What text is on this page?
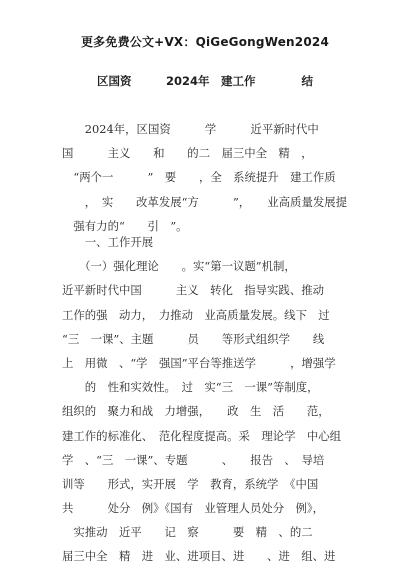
更多免费公文+VX：QiGeGongWen2024
区国资　　　2024年　建工作　　　　结
　　2024年，区国资　　　学　　　近平新时代中
国　　　主义　　和　　的二　届三中全　精　，
　“两个一　　　”　要　　，全　系统提升　建工作质
　　，　实　　改革发展“方　　　”，　　业高质量发展提
　强有力的“　　引　”。
　　一、工作开展
　　（一）强化理论　　。实“第一议题”机制，
近平新时代中国　　　主义　转化　指导实践、推动
工作的强　动力，　力推动　业高质量发展。线下　过
“三　一课”、主题　　　员　　等形式组织学　　线
上　用微　、“学　强国”平台等推送学　　　，增强学
　　的　性和实效性。　过　实“三　一课”等制度，
组织的　聚力和战　力增强，　　政　生　活　　范，
建工作的标准化、　范化程度提高。采　理论学　中心组
学　、“三　一课”、专题　　　、　　报告　、　导培
训等　　形式，实开展　学　教育，系统学　《中国
共　　　处分　例》《国有　业管理人员处分　例》，
　实推动　近平　　记　察　　　要　精　、的二
届三中全　精　进　业、进项目、进　　、进　组、进
